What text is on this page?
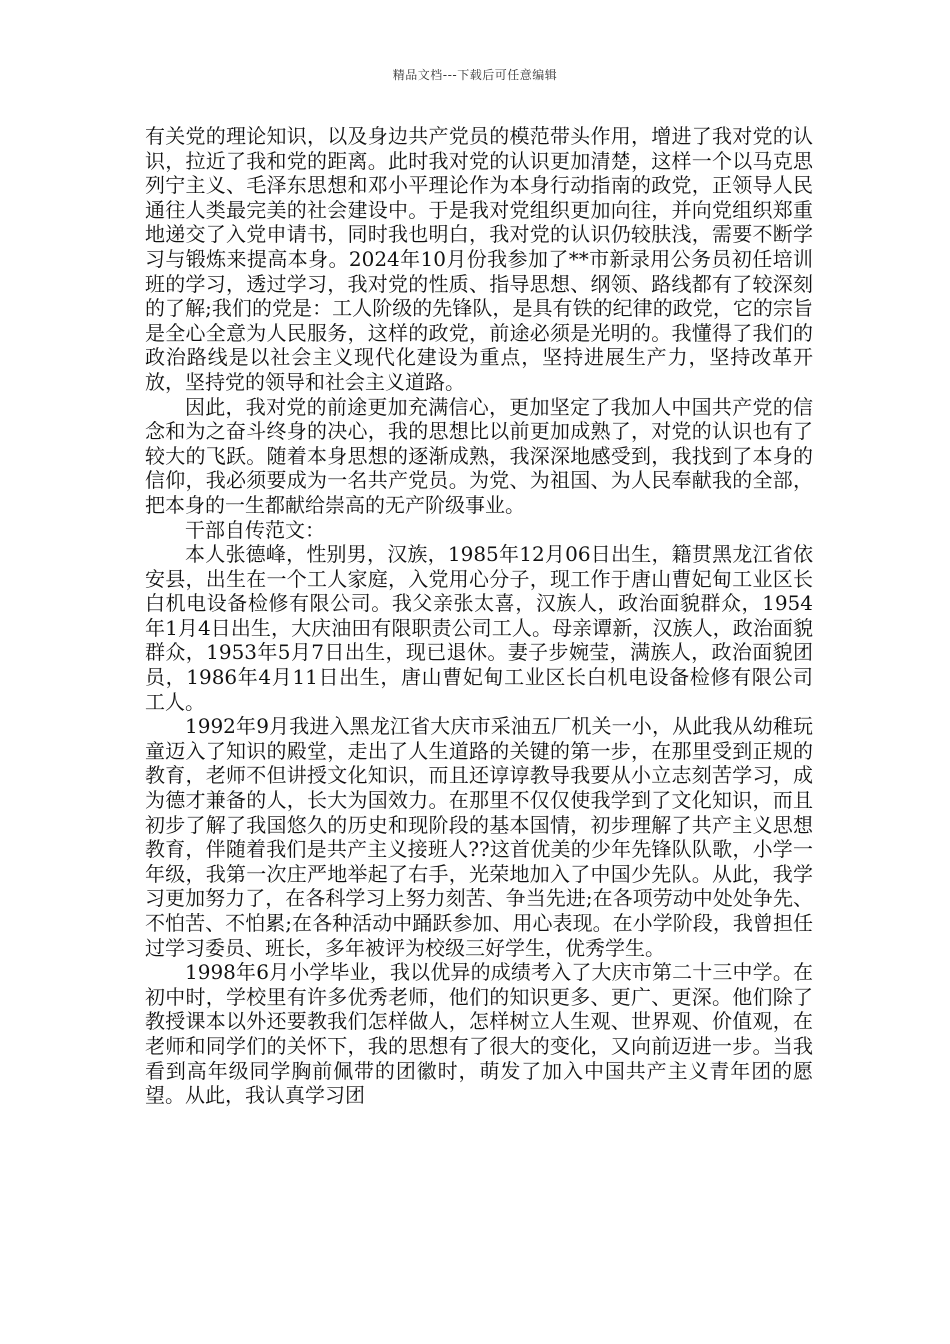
精品文档---下载后可任意编辑

有关党的理论知识，以及身边共产党员的模范带头作用，增进了我对党的认识，拉近了我和党的距离。此时我对党的认识更加清楚，这样一个以马克思列宁主义、毛泽东思想和邓小平理论作为本身行动指南的政党，正领导人民通往人类最完美的社会建设中。于是我对党组织更加向往，并向党组织郑重地递交了入党申请书，同时我也明白，我对党的认识仍较肤浅，需要不断学习与锻炼来提高本身。2024年10月份我参加了**市新录用公务员初任培训班的学习，透过学习，我对党的性质、指导思想、纲领、路线都有了较深刻的了解;我们的党是：工人阶级的先锋队，是具有铁的纪律的政党，它的宗旨是全心全意为人民服务，这样的政党，前途必须是光明的。我懂得了我们的政治路线是以社会主义现代化建设为重点，坚持进展生产力，坚持改革开放，坚持党的领导和社会主义道路。

因此，我对党的前途更加充满信心，更加坚定了我加人中国共产党的信念和为之奋斗终身的决心，我的思想比以前更加成熟了，对党的认识也有了较大的飞跃。随着本身思想的逐渐成熟，我深深地感受到，我找到了本身的信仰，我必须要成为一名共产党员。为党、为祖国、为人民奉献我的全部，把本身的一生都献给崇高的无产阶级事业。

干部自传范文：

本人张德峰，性别男，汉族，1985年12月06日出生，籍贯黑龙江省依安县，出生在一个工人家庭，入党用心分子，现工作于唐山曹妃甸工业区长白机电设备检修有限公司。我父亲张太喜，汉族人，政治面貌群众，1954年1月4日出生，大庆油田有限职责公司工人。母亲谭新，汉族人，政治面貌群众，1953年5月7日出生，现已退休。妻子步婉莹，满族人，政治面貌团员，1986年4月11日出生，唐山曹妃甸工业区长白机电设备检修有限公司工人。

1992年9月我进入黑龙江省大庆市采油五厂机关一小，从此我从幼稚玩童迈入了知识的殿堂，走出了人生道路的关键的第一步，在那里受到正规的教育，老师不但讲授文化知识，而且还谆谆教导我要从小立志刻苦学习，成为德才兼备的人，长大为国效力。在那里不仅仅使我学到了文化知识，而且初步了解了我国悠久的历史和现阶段的基本国情，初步理解了共产主义思想教育，伴随着我们是共产主义接班人??这首优美的少年先锋队队歌，小学一年级，我第一次庄严地举起了右手，光荣地加入了中国少先队。从此，我学习更加努力了，在各科学习上努力刻苦、争当先进;在各项劳动中处处争先、不怕苦、不怕累;在各种活动中踊跃参加、用心表现。在小学阶段，我曾担任过学习委员、班长，多年被评为校级三好学生，优秀学生。

1998年6月小学毕业，我以优异的成绩考入了大庆市第二十三中学。在初中时，学校里有许多优秀老师，他们的知识更多、更广、更深。他们除了教授课本以外还要教我们怎样做人，怎样树立人生观、世界观、价值观，在老师和同学们的关怀下，我的思想有了很大的变化，又向前迈进一步。当我看到高年级同学胸前佩带的团徽时，萌发了加入中国共产主义青年团的愿望。从此，我认真学习团
